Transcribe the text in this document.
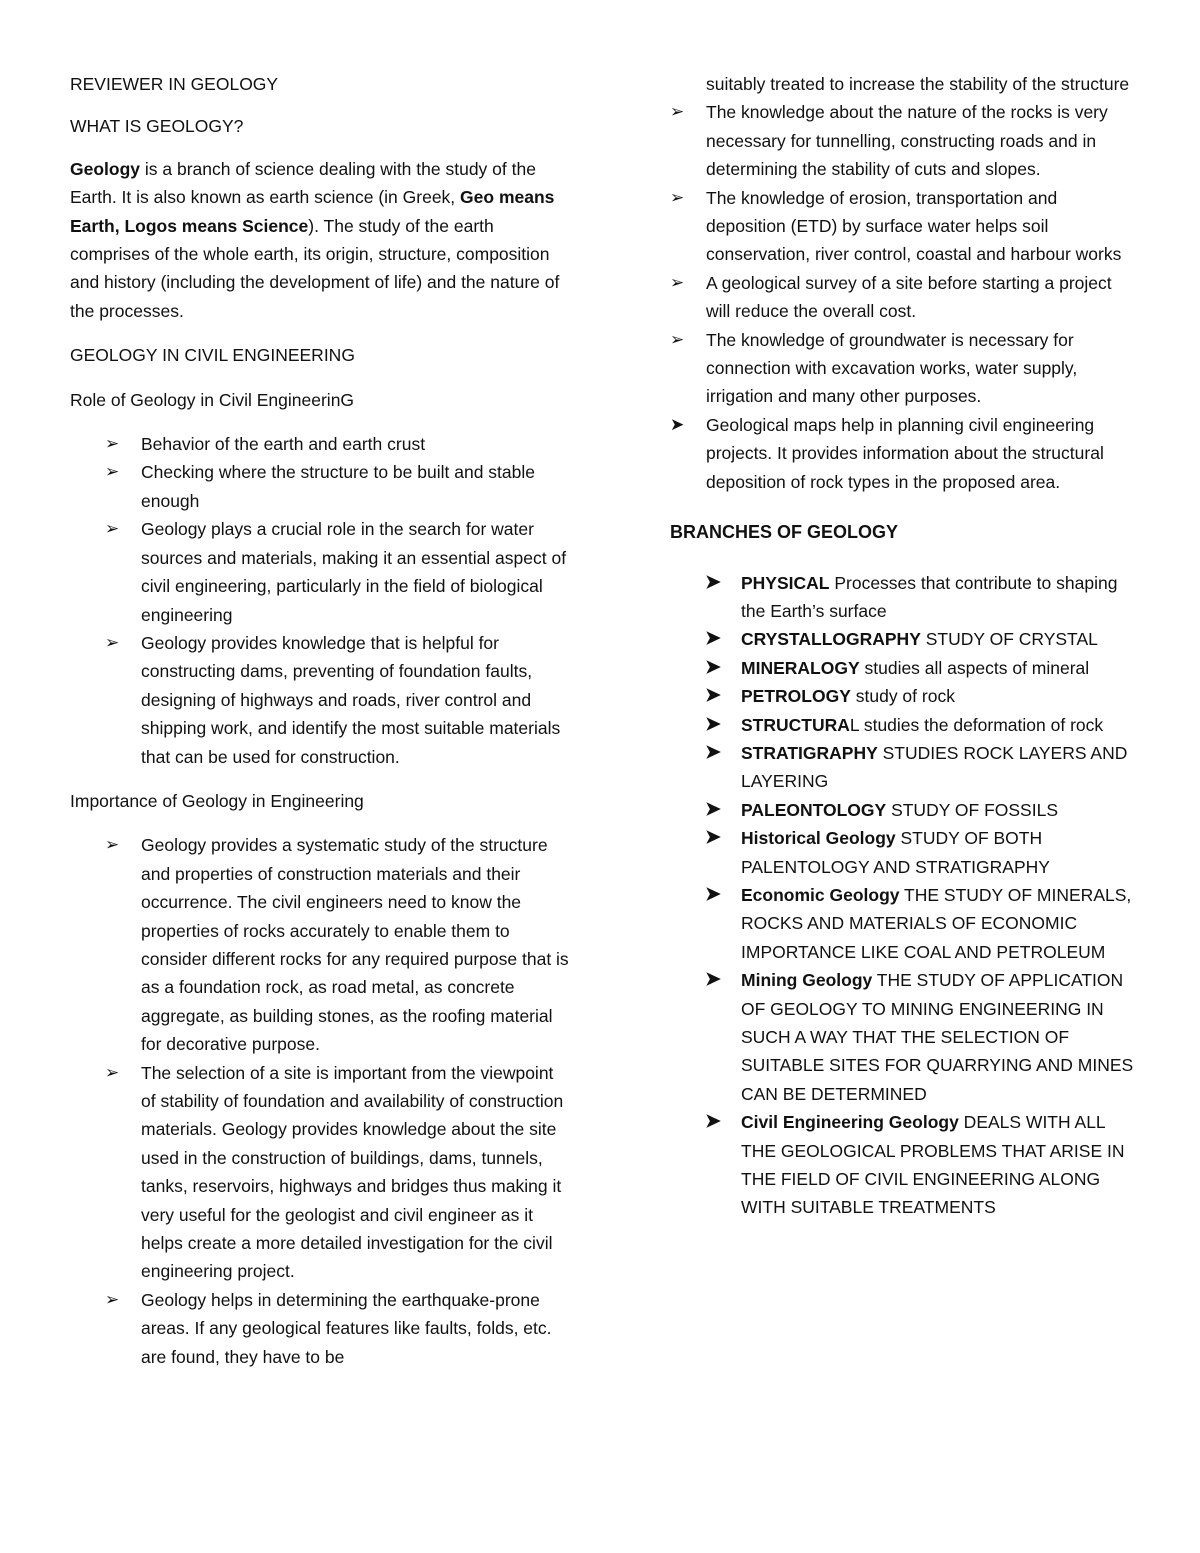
REVIEWER IN GEOLOGY

WHAT IS GEOLOGY?

Geology is a branch of science dealing with the study of the Earth. It is also known as earth science (in Greek, Geo means Earth, Logos means Science). The study of the earth comprises of the whole earth, its origin, structure, composition and history (including the development of life) and the nature of the processes.

GEOLOGY IN CIVIL ENGINEERING

Role of Geology in Civil EngineerinG

➢ Behavior of the earth and earth crust
➢ Checking where the structure to be built and stable enough
➢ Geology plays a crucial role in the search for water sources and materials, making it an essential aspect of civil engineering, particularly in the field of biological engineering
➢ Geology provides knowledge that is helpful for constructing dams, preventing of foundation faults, designing of highways and roads, river control and shipping work, and identify the most suitable materials that can be used for construction.

Importance of Geology in Engineering

➢ Geology provides a systematic study of the structure and properties of construction materials and their occurrence. The civil engineers need to know the properties of rocks accurately to enable them to consider different rocks for any required purpose that is as a foundation rock, as road metal, as concrete aggregate, as building stones, as the roofing material for decorative purpose.
➢ The selection of a site is important from the viewpoint of stability of foundation and availability of construction materials. Geology provides knowledge about the site used in the construction of buildings, dams, tunnels, tanks, reservoirs, highways and bridges thus making it very useful for the geologist and civil engineer as it helps create a more detailed investigation for the civil engineering project.
➢ Geology helps in determining the earthquake-prone areas. If any geological features like faults, folds, etc. are found, they have to be

suitably treated to increase the stability of the structure

➢ The knowledge about the nature of the rocks is very necessary for tunnelling, constructing roads and in determining the stability of cuts and slopes.
➢ The knowledge of erosion, transportation and deposition (ETD) by surface water helps soil conservation, river control, coastal and harbour works
➢ A geological survey of a site before starting a project will reduce the overall cost.
➢ The knowledge of groundwater is necessary for connection with excavation works, water supply, irrigation and many other purposes.
➤ Geological maps help in planning civil engineering projects. It provides information about the structural deposition of rock types in the proposed area.

BRANCHES OF GEOLOGY

➤ PHYSICAL Processes that contribute to shaping the Earth’s surface
➤ CRYSTALLOGRAPHY STUDY OF CRYSTAL
➤ MINERALOGY studies all aspects of mineral
➤ PETROLOGY study of rock
➤ STRUCTURAL studies the deformation of rock
➤ STRATIGRAPHY STUDIES ROCK LAYERS AND LAYERING
➤ PALEONTOLOGY STUDY OF FOSSILS
➤ Historical Geology STUDY OF BOTH PALENTOLOGY AND STRATIGRAPHY
➤ Economic Geology THE STUDY OF MINERALS, ROCKS AND MATERIALS OF ECONOMIC IMPORTANCE LIKE COAL AND PETROLEUM
➤ Mining Geology THE STUDY OF APPLICATION OF GEOLOGY TO MINING ENGINEERING IN SUCH A WAY THAT THE SELECTION OF SUITABLE SITES FOR QUARRYING AND MINES CAN BE DETERMINED
➤ Civil Engineering Geology DEALS WITH ALL THE GEOLOGICAL PROBLEMS THAT ARISE IN THE FIELD OF CIVIL ENGINEERING ALONG WITH SUITABLE TREATMENTS
